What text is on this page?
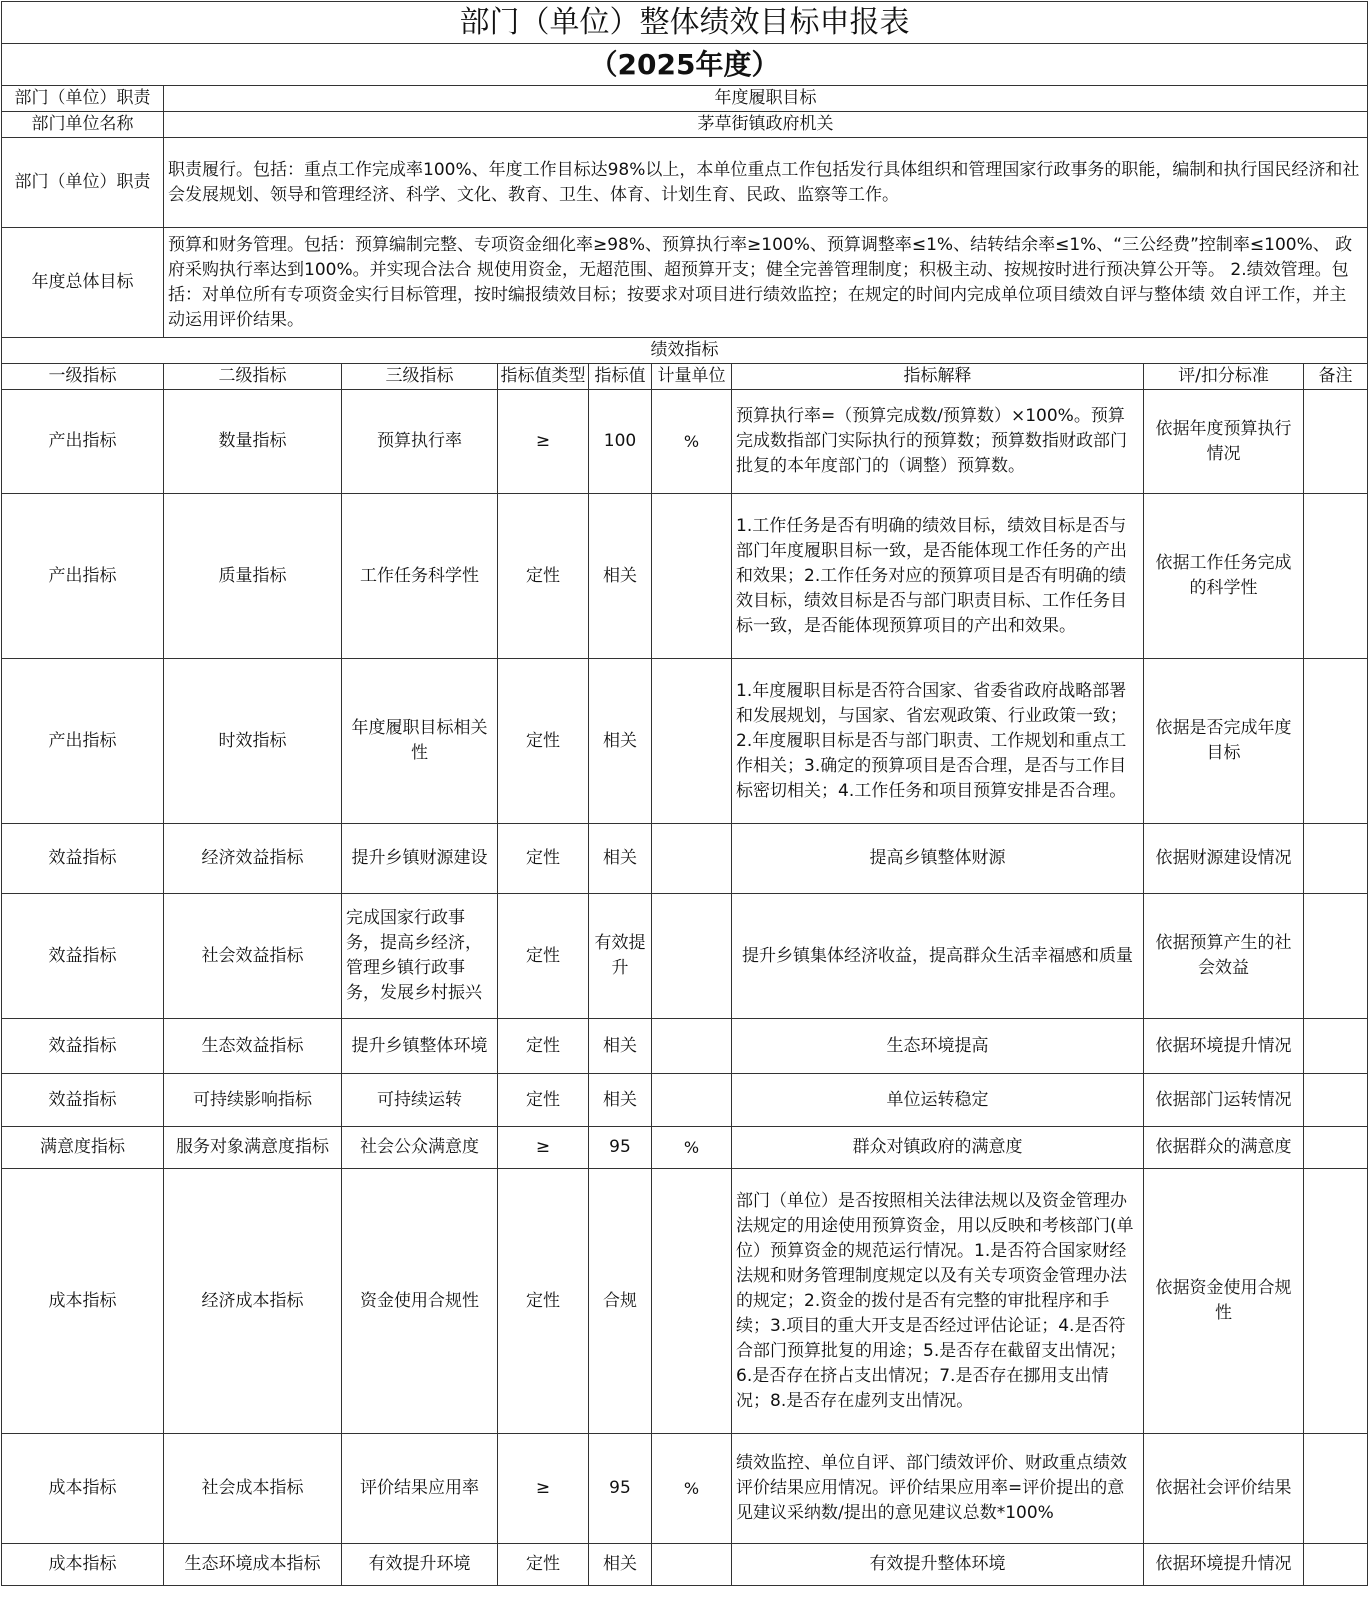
部门（单位）整体绩效目标申报表								
（2025年度）								
部门（单位）职责	年度履职目标							
部门单位名称	茅草街镇政府机关							
部门（单位）职责	职责履行。包括：重点工作完成率100%、年度工作目标达98%以上，本单位重点工作包括发行具体组织和管理国家行政事务的职能，编制和执行国民经济和社会发展规划、领导和管理经济、科学、文化、教育、卫生、体育、计划生育、民政、监察等工作。							
年度总体目标	预算和财务管理。包括：预算编制完整、专项资金细化率≥98%、预算执行率≥100%、预算调整率≤1%、结转结余率≤1%、“三公经费”控制率≤100%、 政府采购执行率达到100%。并实现合法合 规使用资金，无超范围、超预算开支；健全完善管理制度；积极主动、按规按时进行预决算公开等。 2.绩效管理。包括：对单位所有专项资金实行目标管理，按时编报绩效目标；按要求对项目进行绩效监控；在规定的时间内完成单位项目绩效自评与整体绩 效自评工作，并主动运用评价结果。							
绩效指标								
一级指标	二级指标	三级指标	指标值类型	指标值	计量单位	指标解释	评/扣分标准	备注
产出指标	数量指标	预算执行率	≥	100	%	预算执行率=（预算完成数/预算数）×100%。预算完成数指部门实际执行的预算数；预算数指财政部门批复的本年度部门的（调整）预算数。	依据年度预算执行情况	
产出指标	质量指标	工作任务科学性	定性	相关		1.工作任务是否有明确的绩效目标，绩效目标是否与部门年度履职目标一致，是否能体现工作任务的产出和效果；2.工作任务对应的预算项目是否有明确的绩效目标，绩效目标是否与部门职责目标、工作任务目标一致，是否能体现预算项目的产出和效果。	依据工作任务完成的科学性	
产出指标	时效指标	年度履职目标相关性	定性	相关		1.年度履职目标是否符合国家、省委省政府战略部署和发展规划，与国家、省宏观政策、行业政策一致；2.年度履职目标是否与部门职责、工作规划和重点工作相关；3.确定的预算项目是否合理，是否与工作目标密切相关；4.工作任务和项目预算安排是否合理。	依据是否完成年度目标	
效益指标	经济效益指标	提升乡镇财源建设	定性	相关		提高乡镇整体财源	依据财源建设情况	
效益指标	社会效益指标	完成国家行政事务，提高乡经济，管理乡镇行政事务，发展乡村振兴	定性	有效提升		提升乡镇集体经济收益，提高群众生活幸福感和质量	依据预算产生的社会效益	
效益指标	生态效益指标	提升乡镇整体环境	定性	相关		生态环境提高	依据环境提升情况	
效益指标	可持续影响指标	可持续运转	定性	相关		单位运转稳定	依据部门运转情况	
满意度指标	服务对象满意度指标	社会公众满意度	≥	95	%	群众对镇政府的满意度	依据群众的满意度	
成本指标	经济成本指标	资金使用合规性	定性	合规		部门（单位）是否按照相关法律法规以及资金管理办法规定的用途使用预算资金，用以反映和考核部门(单位）预算资金的规范运行情况。1.是否符合国家财经法规和财务管理制度规定以及有关专项资金管理办法的规定；2.资金的拨付是否有完整的审批程序和手续；3.项目的重大开支是否经过评估论证；4.是否符合部门预算批复的用途；5.是否存在截留支出情况；6.是否存在挤占支出情况；7.是否存在挪用支出情况；8.是否存在虚列支出情况。	依据资金使用合规性	
成本指标	社会成本指标	评价结果应用率	≥	95	%	绩效监控、单位自评、部门绩效评价、财政重点绩效评价结果应用情况。评价结果应用率=评价提出的意见建议采纳数/提出的意见建议总数*100%	依据社会评价结果	
成本指标	生态环境成本指标	有效提升环境	定性	相关		有效提升整体环境	依据环境提升情况	
